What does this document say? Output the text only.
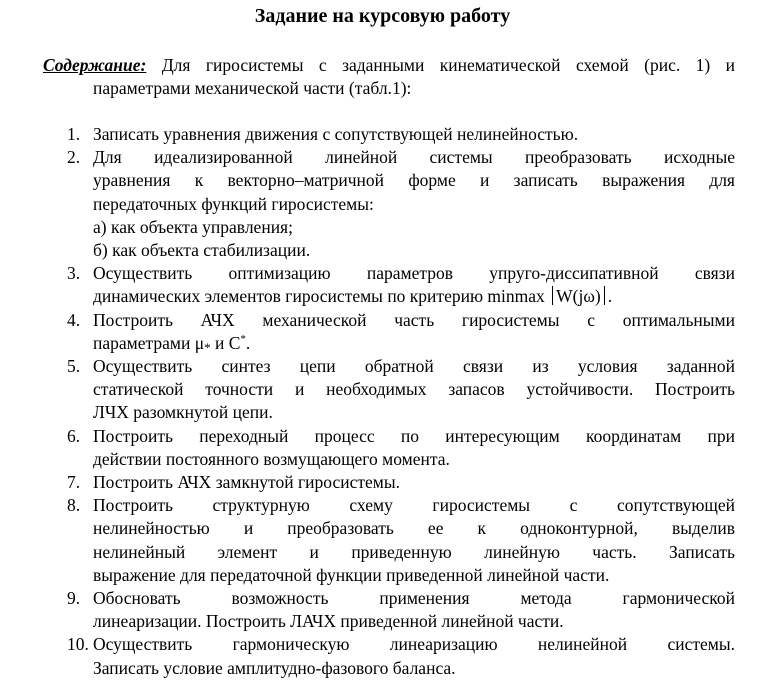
Задание на курсовую работу
Содержание: Для гиросистемы с заданными кинематической схемой (рис. 1) и
параметрами механической части (табл.1):
1. Записать уравнения движения с сопутствующей нелинейностью.
2. Для идеализированной линейной системы преобразовать исходные
уравнения к векторно–матричной форме и записать выражения для
передаточных функций гиросистемы:
а) как объекта управления;
б) как объекта стабилизации.
3. Осуществить оптимизацию параметров упруго-диссипативной связи
динамических элементов гиросистемы по критерию minmax W(jω) .
4. Построить АЧХ механической часть гиросистемы с оптимальными
параметрами $\mu_*$ и C*.
5. Осуществить синтез цепи обратной связи из условия заданной
статической точности и необходимых запасов устойчивости. Построить
ЛЧХ разомкнутой цепи.
6. Построить переходный процесс по интересующим координатам при
действии постоянного возмущающего момента.
7. Построить АЧХ замкнутой гиросистемы.
8. Построить структурную схему гиросистемы с сопутствующей
нелинейностью и преобразовать ее к одноконтурной, выделив
нелинейный элемент и приведенную линейную часть. Записать
выражение для передаточной функции приведенной линейной части.
9. Обосновать возможность применения метода гармонической
линеаризации. Построить ЛАЧХ приведенной линейной части.
10. Осуществить гармоническую линеаризацию нелинейной системы.
Записать условие амплитудно-фазового баланса.
